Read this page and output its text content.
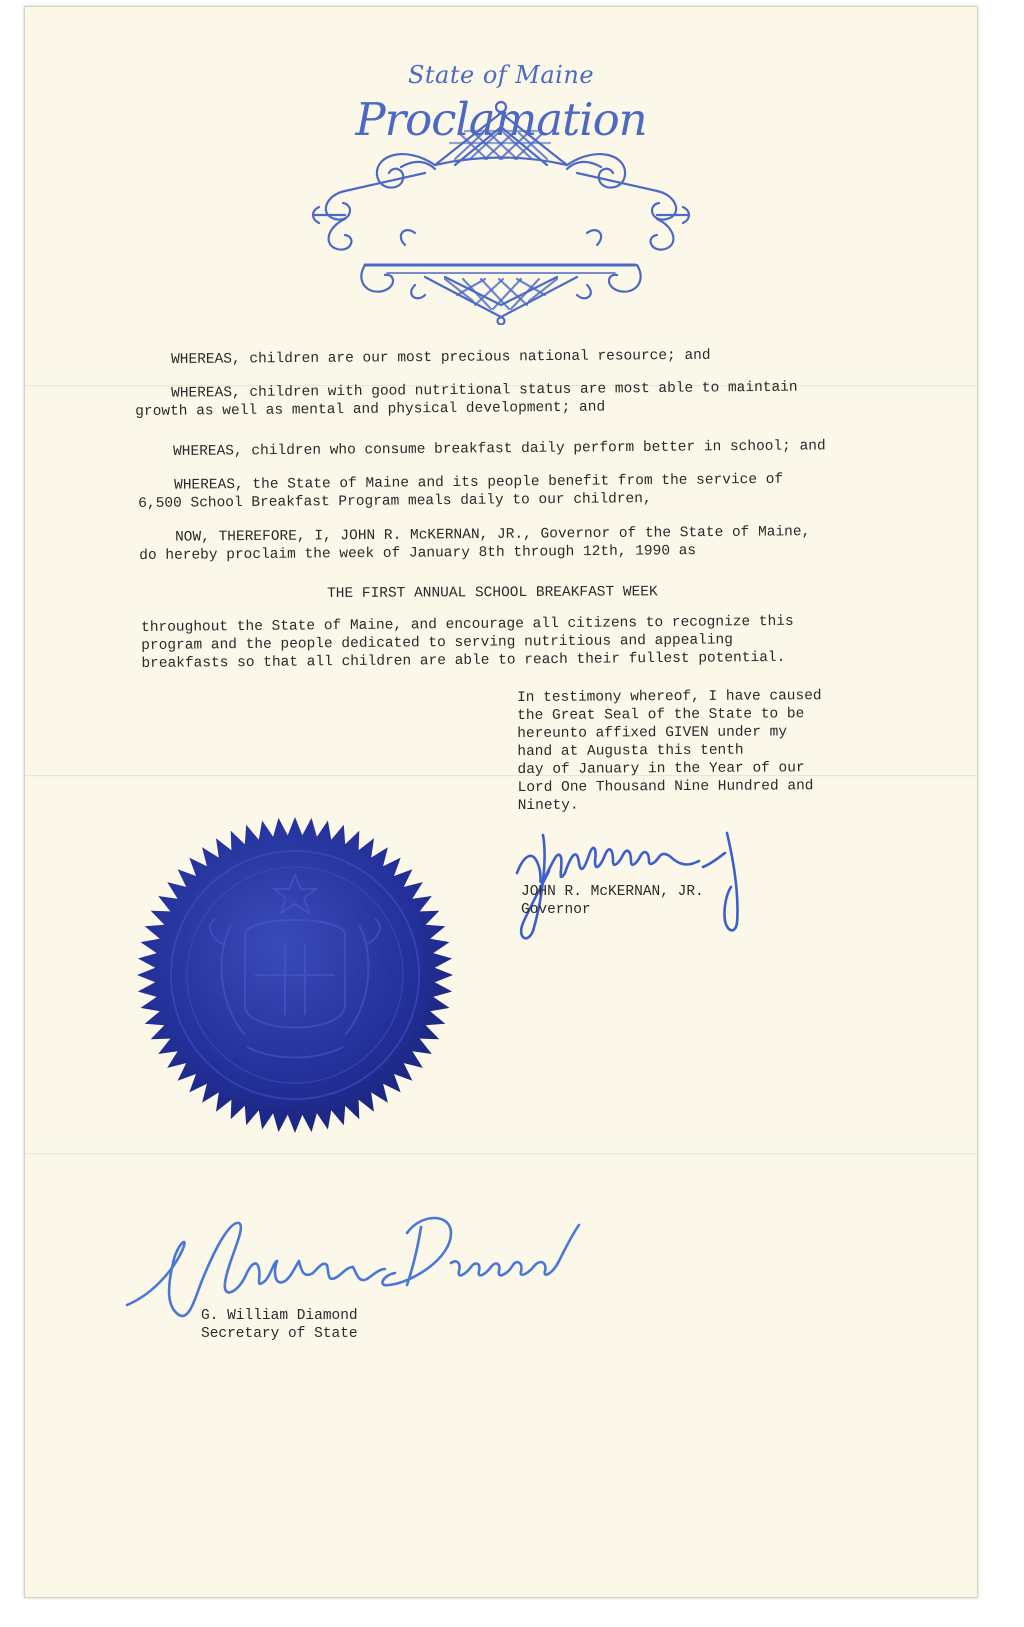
State of Maine
Proclamation
WHEREAS, children are our most precious national resource; and
WHEREAS, children with good nutritional status are most able to maintain
growth as well as mental and physical development; and
WHEREAS, children who consume breakfast daily perform better in school; and
WHEREAS, the State of Maine and its people benefit from the service of
6,500 School Breakfast Program meals daily to our children,
NOW, THEREFORE, I, JOHN R. McKERNAN, JR., Governor of the State of Maine,
do hereby proclaim the week of January 8th through 12th, 1990 as
THE FIRST ANNUAL SCHOOL BREAKFAST WEEK
throughout the State of Maine, and encourage all citizens to recognize this
program and the people dedicated to serving nutritious and appealing
breakfasts so that all children are able to reach their fullest potential.
In testimony whereof, I have caused
the Great Seal of the State to be
hereunto affixed GIVEN under my
hand at Augusta this tenth
day of January in the Year of our
Lord One Thousand Nine Hundred and
Ninety.
JOHN R. McKERNAN, JR.
Governor
G. William Diamond
Secretary of State
